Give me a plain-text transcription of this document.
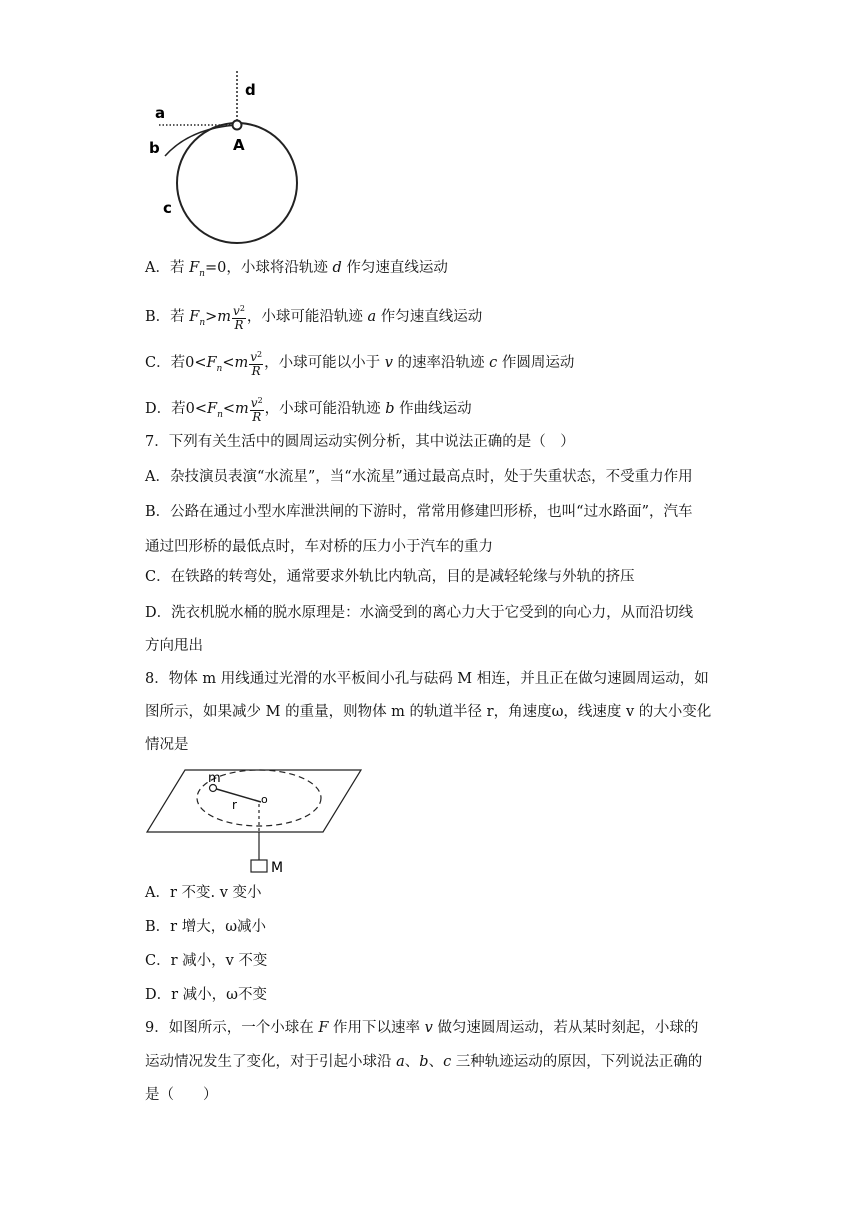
a
b
c
d
A
A．若 $F_n=0$，小球将沿轨迹 d 作匀速直线运动
B．若 $F_n>m \frac{v^2}{R}$ ，小球可能沿轨迹 a 作匀速直线运动
C．若$0<F_n<m \frac{v^2}{R}$ ，小球可能以小于 v 的速率沿轨迹 c 作圆周运动
D．若$0<F_n<m \frac{v^2}{R}$ ，小球可能沿轨迹 b 作曲线运动
7．下列有关生活中的圆周运动实例分析，其中说法正确的是（　）
A．杂技演员表演“水流星”，当“水流星”通过最高点时，处于失重状态，不受重力作用
B．公路在通过小型水库泄洪闸的下游时，常常用修建凹形桥，也叫“过水路面”，汽车
通过凹形桥的最低点时，车对桥的压力小于汽车的重力
C．在铁路的转弯处，通常要求外轨比内轨高，目的是减轻轮缘与外轨的挤压
D．洗衣机脱水桶的脱水原理是：水滴受到的离心力大于它受到的向心力，从而沿切线
方向甩出
8．物体 m 用线通过光滑的水平板间小孔与砝码 M 相连，并且正在做匀速圆周运动，如
图所示，如果减少 M 的重量，则物体 m 的轨道半径 r，角速度ω，线速度 v 的大小变化
情况是
m
r o
M
A．r 不变. v 变小
B．r 增大，ω减小
C．r 减小，v 不变
D．r 减小，ω不变
9．如图所示，一个小球在 F 作用下以速率 v 做匀速圆周运动，若从某时刻起，小球的
运动情况发生了变化，对于引起小球沿 a、b、c 三种轨迹运动的原因，下列说法正确的
是（　　）
